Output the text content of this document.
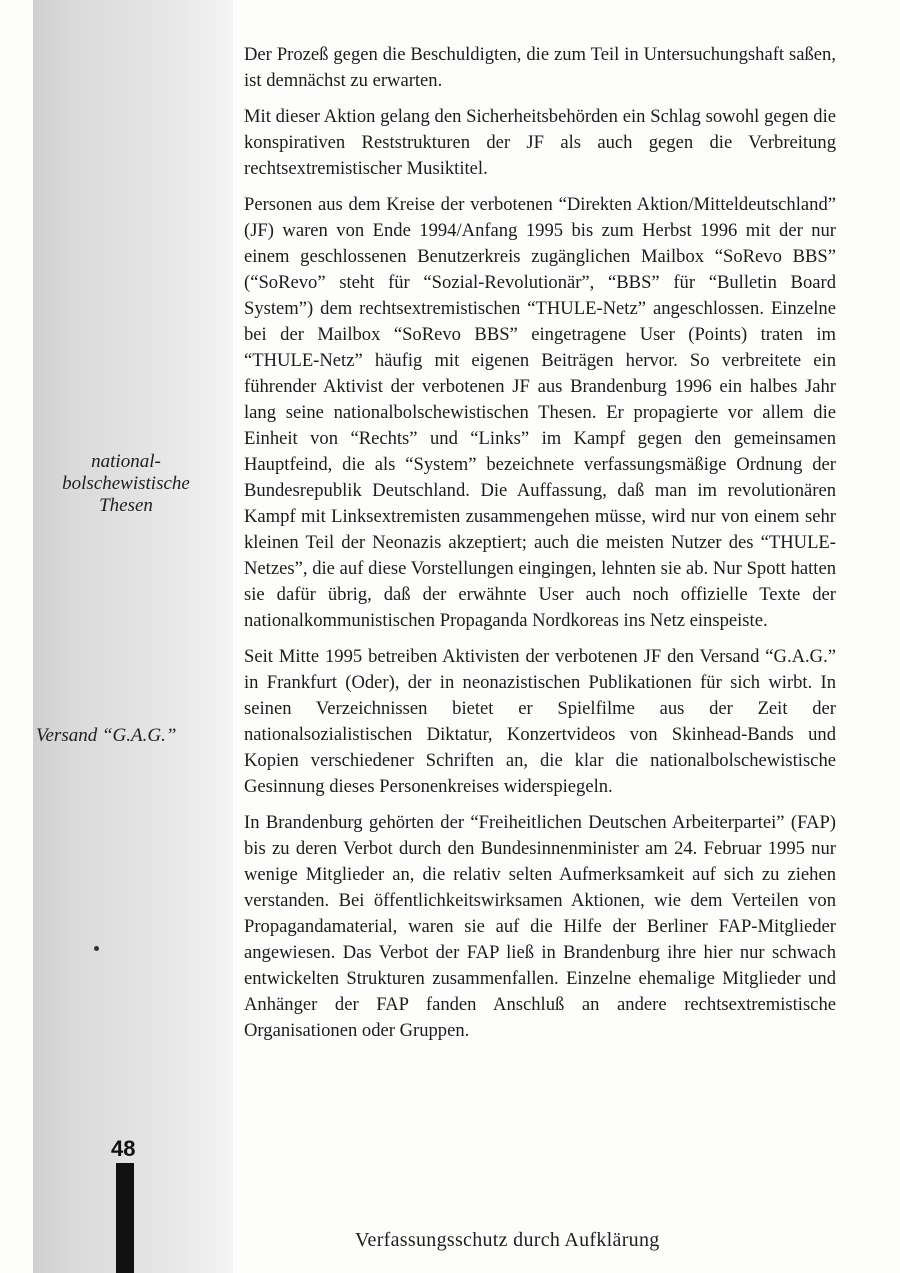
national-
bolschewistische
Thesen
Versand “G.A.G.”

Der Prozeß gegen die Beschuldigten, die zum Teil in Untersuchungshaft saßen, ist demnächst zu erwarten.

Mit dieser Aktion gelang den Sicherheitsbehörden ein Schlag sowohl gegen die konspirativen Reststrukturen der JF als auch gegen die Verbreitung rechtsextremistischer Musiktitel.

Personen aus dem Kreise der verbotenen “Direkten Aktion/Mitteldeutschland” (JF) waren von Ende 1994/Anfang 1995 bis zum Herbst 1996 mit der nur einem geschlossenen Benutzerkreis zugänglichen Mailbox “SoRevo BBS” (“SoRevo” steht für “Sozial-Revolutionär”, “BBS” für “Bulletin Board System”) dem rechtsextremistischen “THULE-Netz” angeschlossen. Einzelne bei der Mailbox “SoRevo BBS” eingetragene User (Points) traten im “THULE-Netz” häufig mit eigenen Beiträgen hervor. So verbreitete ein führender Aktivist der verbotenen JF aus Brandenburg 1996 ein halbes Jahr lang seine nationalbolschewistischen Thesen. Er propagierte vor allem die Einheit von “Rechts” und “Links” im Kampf gegen den gemeinsamen Hauptfeind, die als “System” bezeichnete verfassungsmäßige Ordnung der Bundesrepublik Deutschland. Die Auffassung, daß man im revolutionären Kampf mit Linksextremisten zusammengehen müsse, wird nur von einem sehr kleinen Teil der Neonazis akzeptiert; auch die meisten Nutzer des “THULE-Netzes”, die auf diese Vorstellungen eingingen, lehnten sie ab. Nur Spott hatten sie dafür übrig, daß der erwähnte User auch noch offizielle Texte der nationalkommunistischen Propaganda Nordkoreas ins Netz einspeiste.

Seit Mitte 1995 betreiben Aktivisten der verbotenen JF den Versand “G.A.G.” in Frankfurt (Oder), der in neonazistischen Publikationen für sich wirbt. In seinen Verzeichnissen bietet er Spielfilme aus der Zeit der nationalsozialistischen Diktatur, Konzertvideos von Skinhead-Bands und Kopien verschiedener Schriften an, die klar die nationalbolschewistische Gesinnung dieses Personenkreises widerspiegeln.

In Brandenburg gehörten der “Freiheitlichen Deutschen Arbeiterpartei” (FAP) bis zu deren Verbot durch den Bundesinnenminister am 24. Februar 1995 nur wenige Mitglieder an, die relativ selten Aufmerksamkeit auf sich zu ziehen verstanden. Bei öffentlichkeitswirksamen Aktionen, wie dem Verteilen von Propagandamaterial, waren sie auf die Hilfe der Berliner FAP-Mitglieder angewiesen. Das Verbot der FAP ließ in Brandenburg ihre hier nur schwach entwickelten Strukturen zusammenfallen. Einzelne ehemalige Mitglieder und Anhänger der FAP fanden Anschluß an andere rechtsextremistische Organisationen oder Gruppen.

48
Verfassungsschutz durch Aufklärung
